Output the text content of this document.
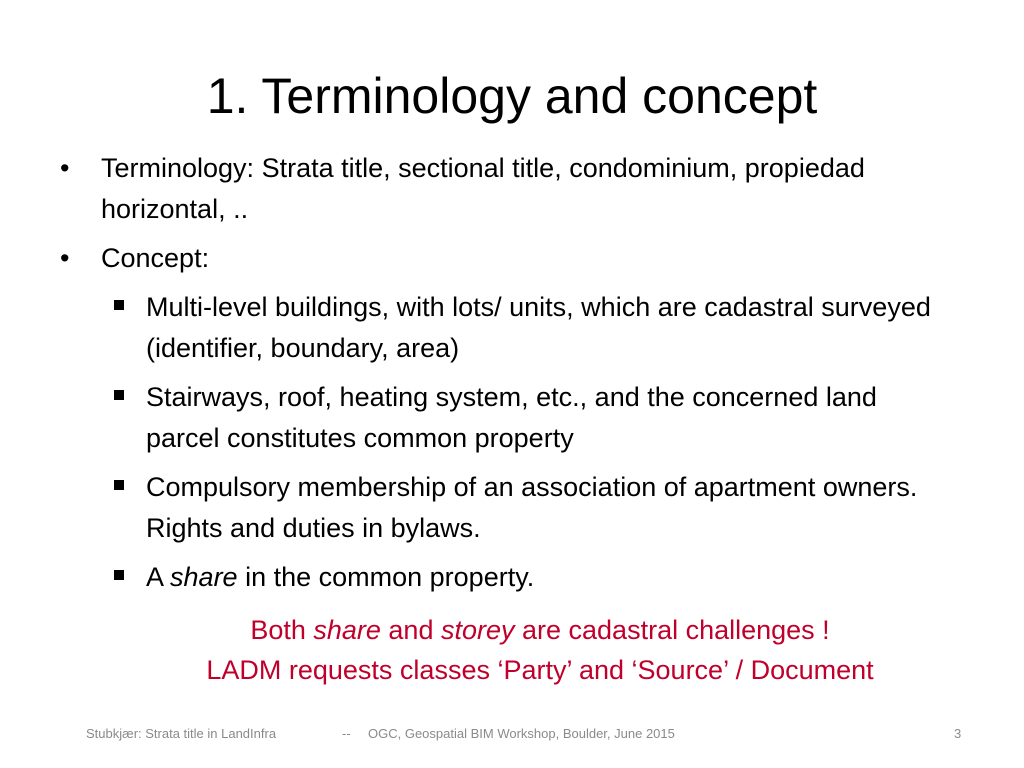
1. Terminology and concept
• Terminology: Strata title, sectional title, condominium, propiedad horizontal, ..
• Concept:
Multi-level buildings, with lots/ units, which are cadastral surveyed (identifier, boundary, area)
Stairways, roof, heating system, etc., and the concerned land parcel constitutes common property
Compulsory membership of an association of apartment owners. Rights and duties in bylaws.
A share in the common property.
Both share and storey are cadastral challenges !
LADM requests classes ‘Party’ and ‘Source’ / Document
Stubkjær: Strata title in LandInfra	-- OGC, Geospatial BIM Workshop, Boulder, June 2015	3
